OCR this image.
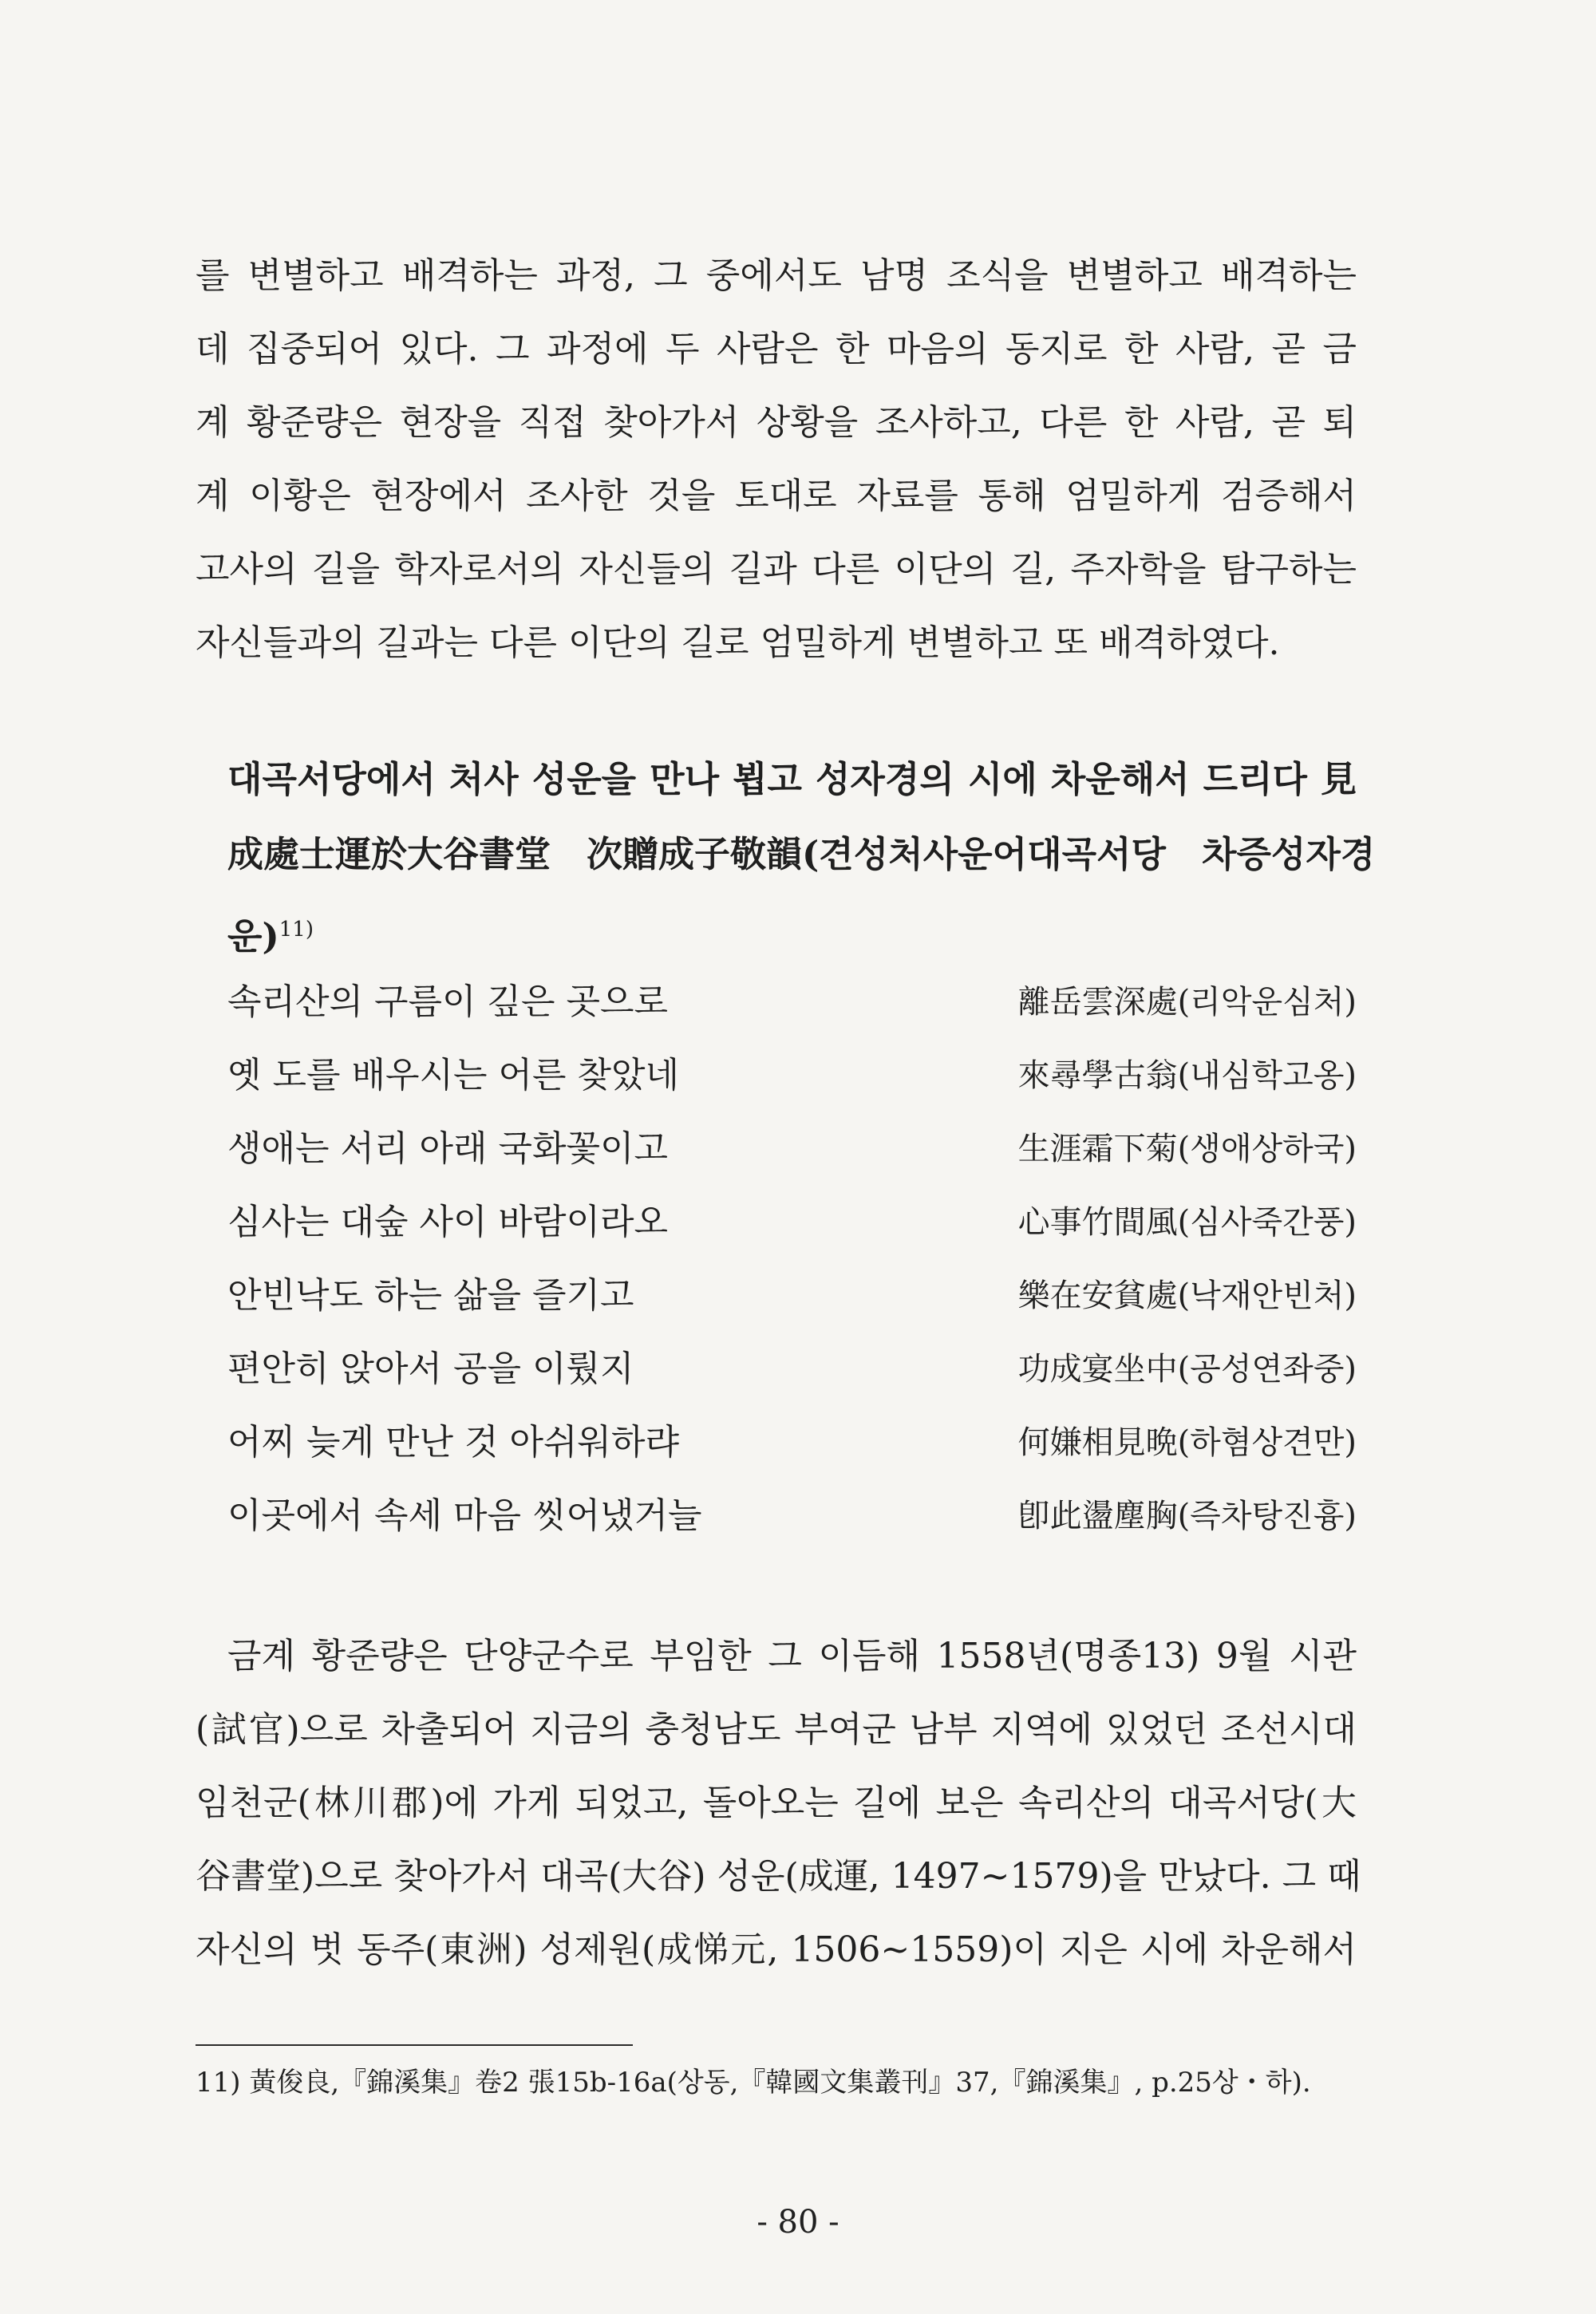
를 변별하고 배격하는 과정, 그 중에서도 남명 조식을 변별하고 배격하는
데 집중되어 있다. 그 과정에 두 사람은 한 마음의 동지로 한 사람, 곧 금
계 황준량은 현장을 직접 찾아가서 상황을 조사하고, 다른 한 사람, 곧 퇴
계 이황은 현장에서 조사한 것을 토대로 자료를 통해 엄밀하게 검증해서
고사의 길을 학자로서의 자신들의 길과 다른 이단의 길, 주자학을 탐구하는
자신들과의 길과는 다른 이단의 길로 엄밀하게 변별하고 또 배격하였다.
대곡서당에서 처사 성운을 만나 뵙고 성자경의 시에 차운해서 드리다 見
成處士運於大谷書堂　次贈成子敬韻(견성처사운어대곡서당　차증성자경
운)$^{11)}$
속리산의 구름이 깊은 곳으로	離岳雲深處(리악운심처)
옛 도를 배우시는 어른 찾았네	來尋學古翁(내심학고옹)
생애는 서리 아래 국화꽃이고	生涯霜下菊(생애상하국)
심사는 대숲 사이 바람이라오	心事竹間風(심사죽간풍)
안빈낙도 하는 삶을 즐기고	樂在安貧處(낙재안빈처)
편안히 앉아서 공을 이뤘지	功成宴坐中(공성연좌중)
어찌 늦게 만난 것 아쉬워하랴	何嫌相見晩(하혐상견만)
이곳에서 속세 마음 씻어냈거늘	卽此盪塵胸(즉차탕진흉)
금계 황준량은 단양군수로 부임한 그 이듬해 1558년(명종13) 9월 시관
(試官)으로 차출되어 지금의 충청남도 부여군 남부 지역에 있었던 조선시대
임천군(林川郡)에 가게 되었고, 돌아오는 길에 보은 속리산의 대곡서당(大
谷書堂)으로 찾아가서 대곡(大谷) 성운(成運, 1497~1579)을 만났다. 그 때
자신의 벗 동주(東洲) 성제원(成悌元, 1506~1559)이 지은 시에 차운해서
11) 黃俊良,『錦溪集』卷2 張15b-16a(상동,『韓國文集叢刊』37,『錦溪集』, p.25상・하).
- 80 -
